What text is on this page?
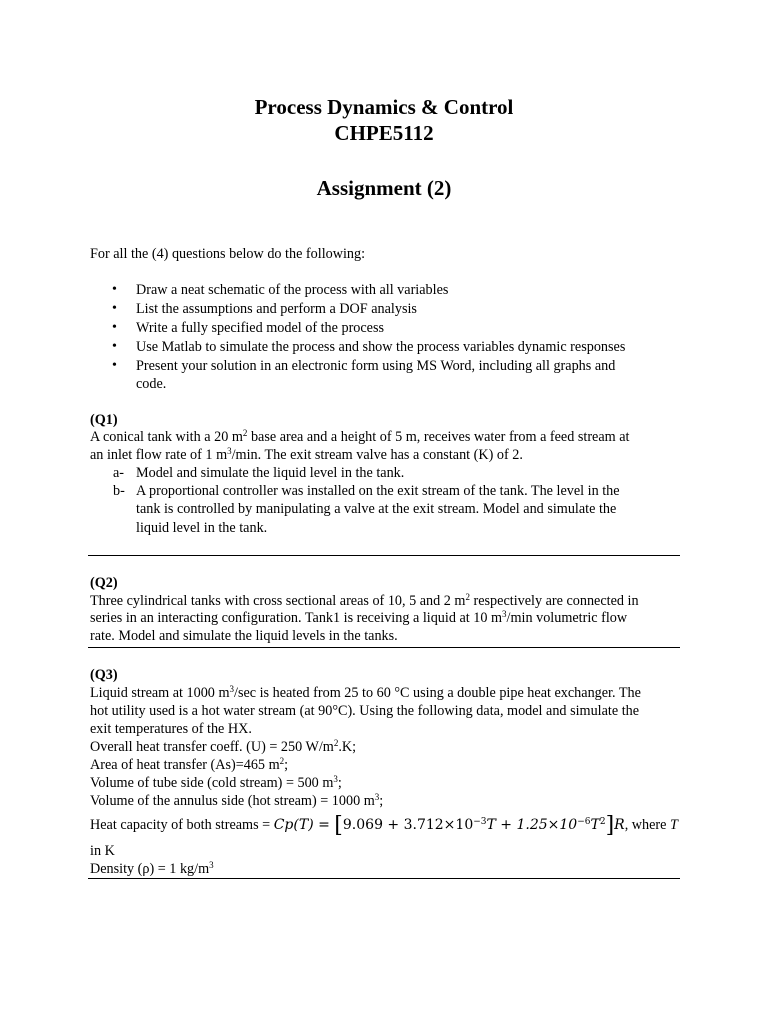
Process Dynamics & Control
CHPE5112
Assignment (2)
For all the (4) questions below do the following:
• Draw a neat schematic of the process with all variables
• List the assumptions and perform a DOF analysis
• Write a fully specified model of the process
• Use Matlab to simulate the process and show the process variables dynamic responses
• Present your solution in an electronic form using MS Word, including all graphs and
code.
(Q1)
A conical tank with a 20 $m^2$ base area and a height of 5 m, receives water from a feed stream at
an inlet flow rate of 1 $m^3/\min$. The exit stream valve has a constant (K) of 2.
a- Model and simulate the liquid level in the tank.
b- A proportional controller was installed on the exit stream of the tank. The level in the
tank is controlled by manipulating a valve at the exit stream. Model and simulate the
liquid level in the tank.
(Q2)
Three cylindrical tanks with cross sectional areas of 10, 5 and 2 $m^2$ respectively are connected in
series in an interacting configuration. Tank1 is receiving a liquid at 10 $m^3/\min$ volumetric flow
rate. Model and simulate the liquid levels in the tanks.
(Q3)
Liquid stream at 1000 $m^3/\sec$ is heated from 25 to 60 °C using a double pipe heat exchanger. The
hot utility used is a hot water stream (at 90°C). Using the following data, model and simulate the
exit temperatures of the HX.
Overall heat transfer coeff. (U) = 250 $W/m^2.K$;
Area of heat transfer (As)=465 $m^2$;
Volume of tube side (cold stream) = 500 $m^3$;
Volume of the annulus side (hot stream) = 1000 $m^3$;
Heat capacity of both streams = $Cp(T) = [9.069 + 3.712\times 10^{-3}T + 1.25\times 10^{-6}T^2]R$, where T
in K
Density (ρ) = 1 $kg/m^3$
